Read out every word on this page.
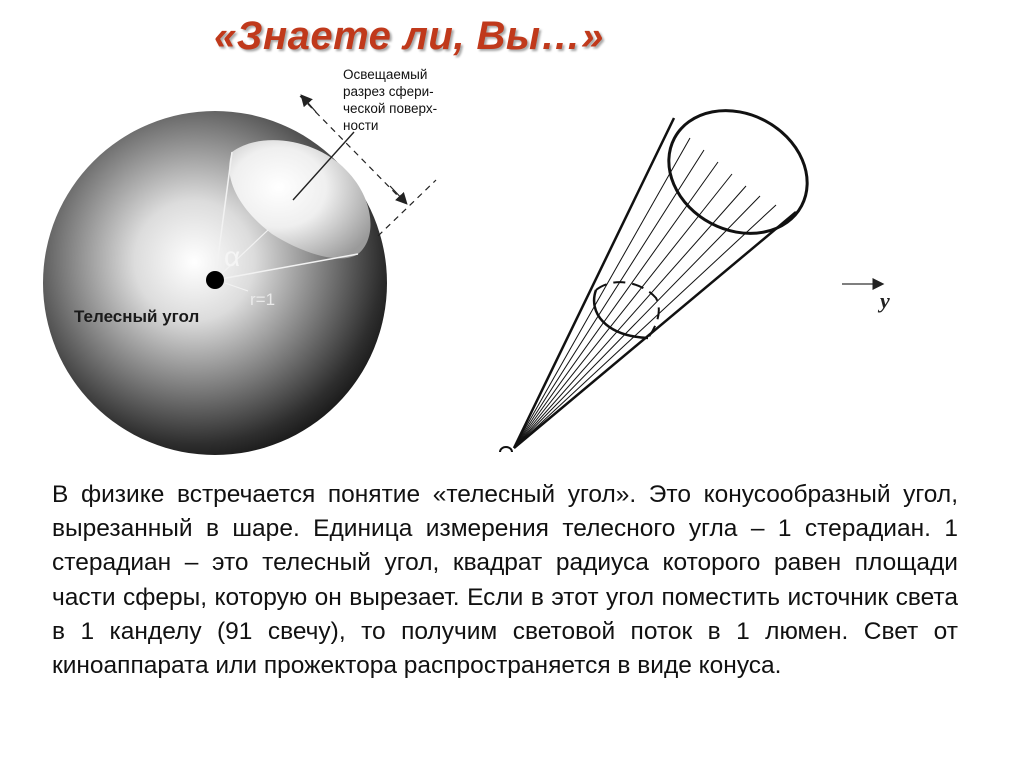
«Знаете ли, Вы…»
α
r=1
Телесный угол
Освещаемый разрез сфери- ческой поверх- ности
y
В физике встречается понятие «телесный угол». Это конусообразный угол, вырезанный в шаре. Единица измерения телесного угла – 1 стерадиан. 1 стерадиан – это телесный угол, квадрат радиуса которого равен площади части сферы, которую он вырезает. Если в этот угол поместить источник света в 1 канделу (91 свечу), то получим световой поток в 1 люмен. Свет от киноаппарата или прожектора распространяется в виде конуса.
